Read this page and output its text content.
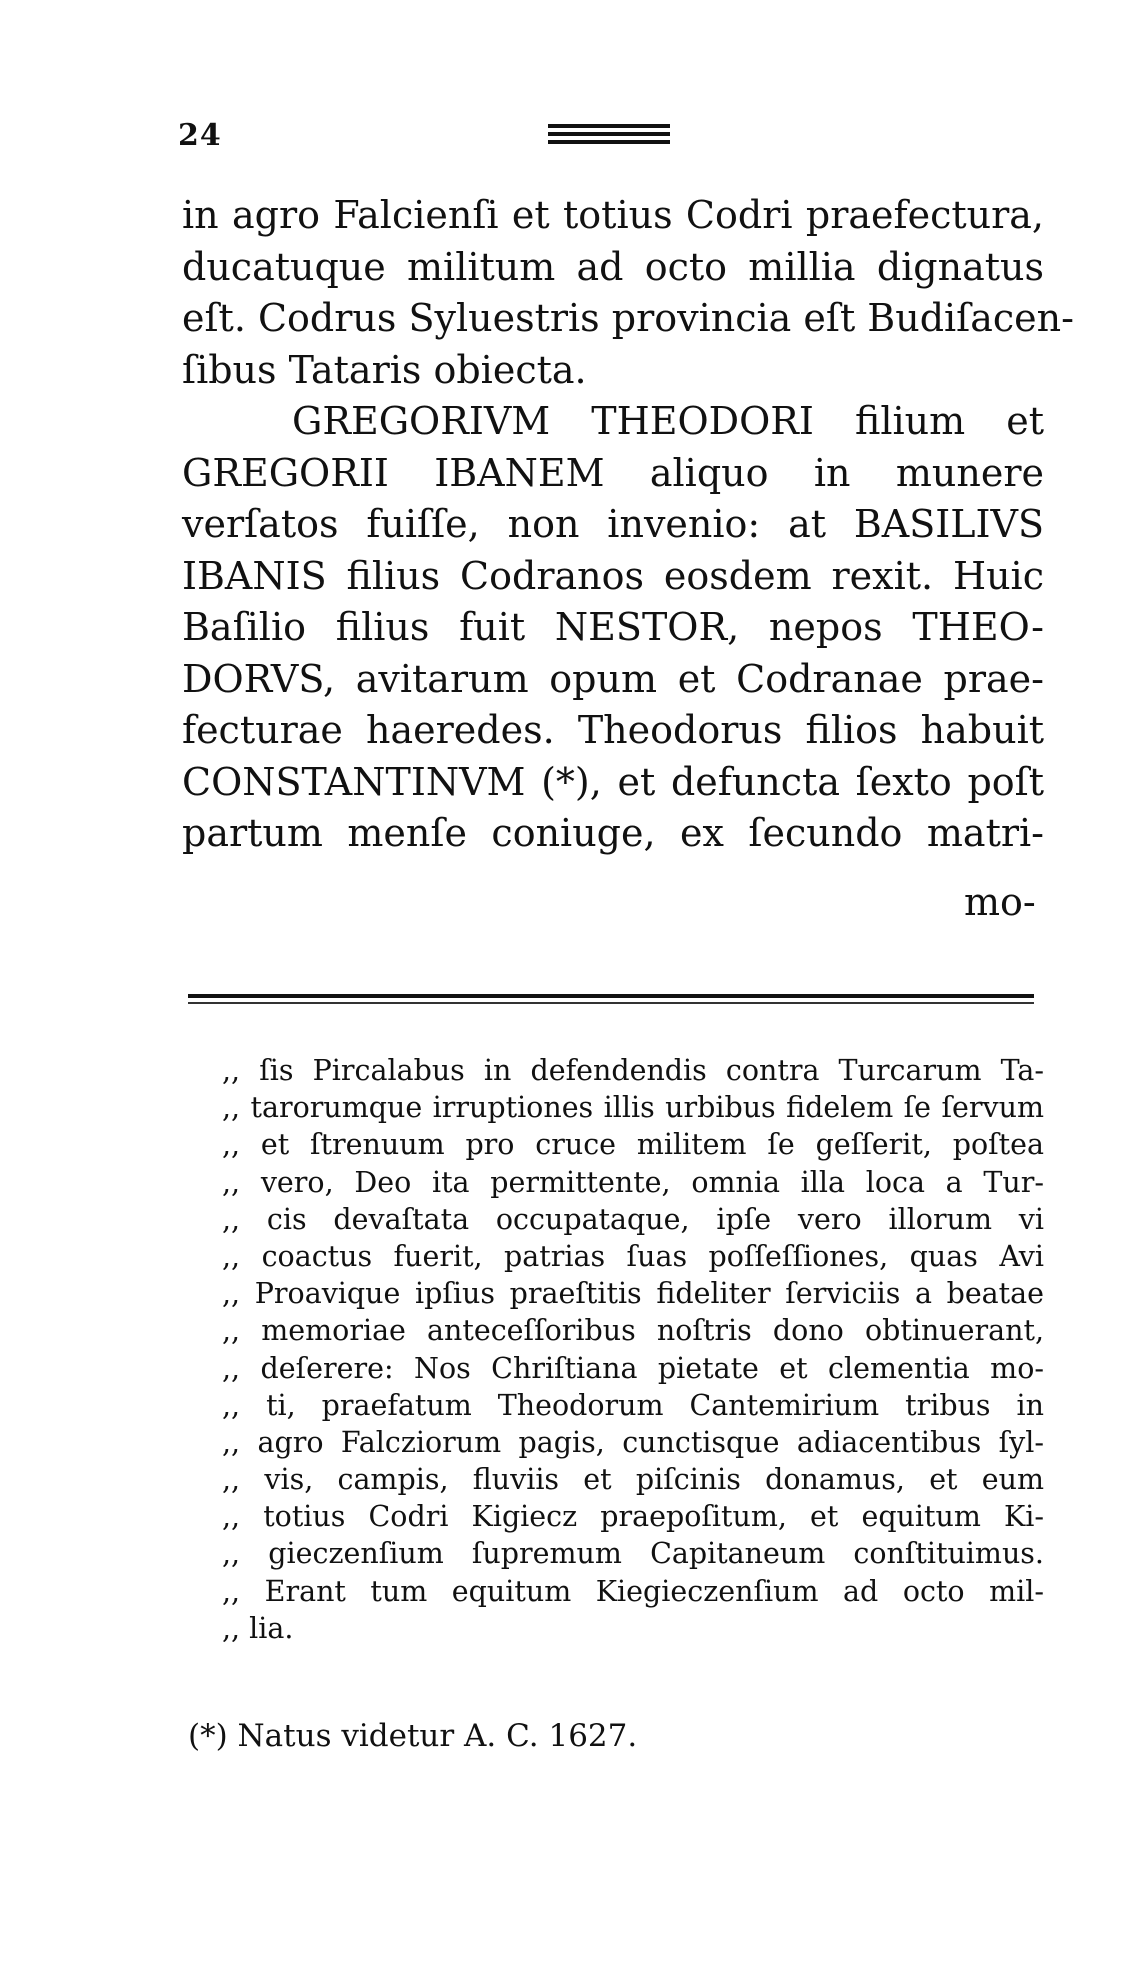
24
in agro Falcienſi et totius Codri praefectura,
ducatuque militum ad octo millia dignatus
eſt. Codrus Syluestris provincia eſt Budiſacen-
ſibus Tataris obiecta.
GREGORIVM THEODORI filium et
GREGORII IBANEM aliquo in munere
verſatos fuiſſe, non invenio: at BASILIVS
IBANIS filius Codranos eosdem rexit. Huic
Baſilio filius fuit NESTOR, nepos THEO-
DORVS, avitarum opum et Codranae prae-
fecturae haeredes. Theodorus filios habuit
CONSTANTINVM (*), et defuncta ſexto poſt
partum menſe coniuge, ex ſecundo matri-
mo-
,, ſis Pircalabus in defendendis contra Turcarum Ta-
,, tarorumque irruptiones illis urbibus fidelem ſe ſervum
,, et ſtrenuum pro cruce militem ſe geſſerit, poſtea
,, vero, Deo ita permittente, omnia illa loca a Tur-
,, cis devaſtata occupataque, ipſe vero illorum vi
,, coactus fuerit, patrias ſuas poſſeſſiones, quas Avi
,, Proavique ipſius praeſtitis fideliter ſerviciis a beatae
,, memoriae anteceſſoribus noſtris dono obtinuerant,
,, deſerere: Nos Chriſtiana pietate et clementia mo-
,, ti, praefatum Theodorum Cantemirium tribus in
,, agro Falcziorum pagis, cunctisque adiacentibus ſyl-
,, vis, campis, fluviis et piſcinis donamus, et eum
,, totius Codri Kigiecz praepoſitum, et equitum Ki-
,, gieczenſium ſupremum Capitaneum conſtituimus.
,, Erant tum equitum Kiegieczenſium ad octo mil-
,, lia.
(*) Natus videtur A. C. 1627.
